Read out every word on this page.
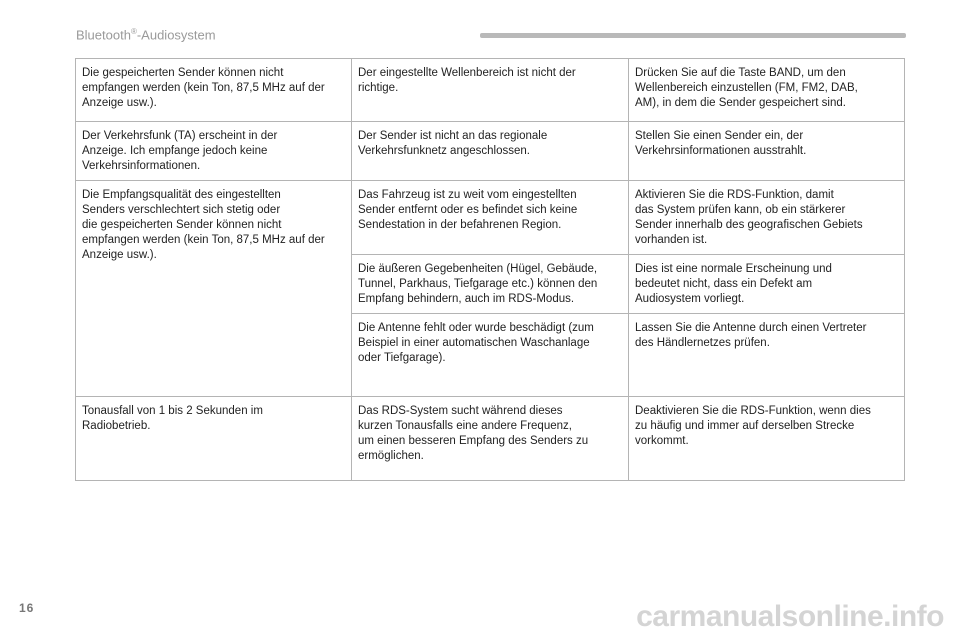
Bluetooth®-Audiosystem
Die gespeicherten Sender können nicht
empfangen werden (kein Ton, 87,5 MHz auf der
Anzeige usw.).	Der eingestellte Wellenbereich ist nicht der
richtige.	Drücken Sie auf die Taste BAND, um den
Wellenbereich einzustellen (FM, FM2, DAB,
AM), in dem die Sender gespeichert sind.
Der Verkehrsfunk (TA) erscheint in der
Anzeige. Ich empfange jedoch keine
Verkehrsinformationen.	Der Sender ist nicht an das regionale
Verkehrsfunknetz angeschlossen.	Stellen Sie einen Sender ein, der
Verkehrsinformationen ausstrahlt.
Die Empfangsqualität des eingestellten
Senders verschlechtert sich stetig oder
die gespeicherten Sender können nicht
empfangen werden (kein Ton, 87,5 MHz auf der
Anzeige usw.).	Das Fahrzeug ist zu weit vom eingestellten
Sender entfernt oder es befindet sich keine
Sendestation in der befahrenen Region.	Aktivieren Sie die RDS-Funktion, damit
das System prüfen kann, ob ein stärkerer
Sender innerhalb des geografischen Gebiets
vorhanden ist.
	Die äußeren Gegebenheiten (Hügel, Gebäude,
Tunnel, Parkhaus, Tiefgarage etc.) können den
Empfang behindern, auch im RDS-Modus.	Dies ist eine normale Erscheinung und
bedeutet nicht, dass ein Defekt am
Audiosystem vorliegt.
	Die Antenne fehlt oder wurde beschädigt (zum
Beispiel in einer automatischen Waschanlage
oder Tiefgarage).	Lassen Sie die Antenne durch einen Vertreter
des Händlernetzes prüfen.
Tonausfall von 1 bis 2 Sekunden im
Radiobetrieb.	Das RDS-System sucht während dieses
kurzen Tonausfalls eine andere Frequenz,
um einen besseren Empfang des Senders zu
ermöglichen.	Deaktivieren Sie die RDS-Funktion, wenn dies
zu häufig und immer auf derselben Strecke
vorkommt.
16	carmanualsonline.info
